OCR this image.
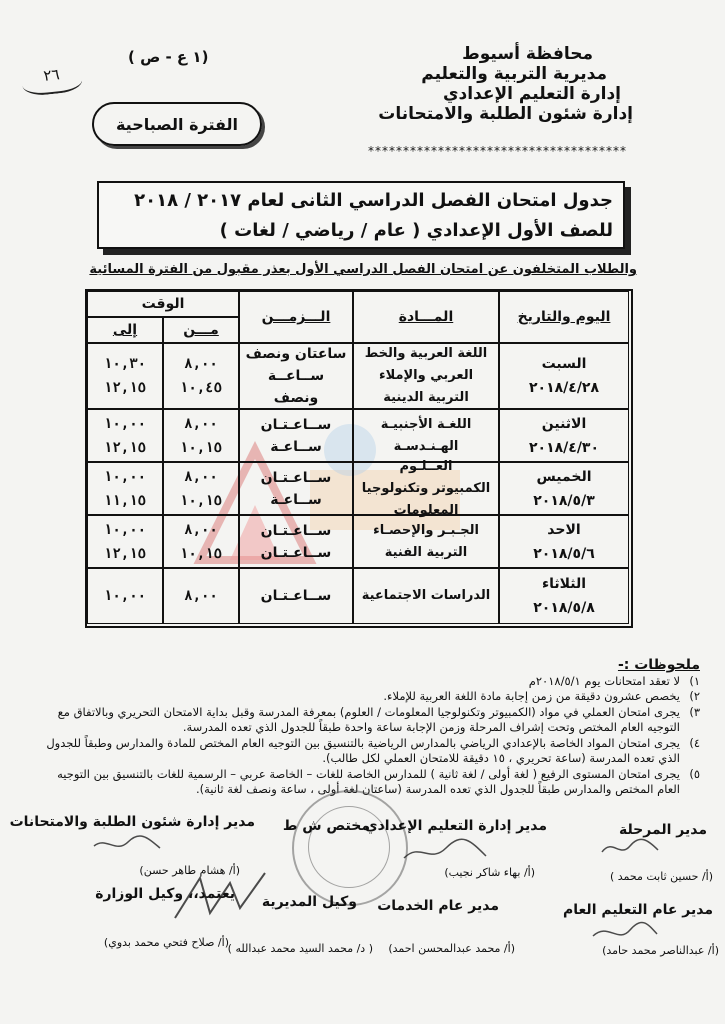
محافظة أسيوط
مديرية التربية والتعليم
إدارة التعليم الإعدادي
إدارة شئون الطلبة والامتحانات
*************************************
(١ ع - ص )
٢٦
الفترة الصباحية
جدول امتحان الفصل الدراسي الثانى لعام ٢٠١٧ / ٢٠١٨
للصف الأول الإعدادي ( عام / رياضي / لغات )
والطلاب المتخلفون عن امتحان الفصل الدراسي الأول بعذر مقبول من الفترة المسائية
اليوم والتاريخ
المـــادة
الـــزمـــن
الوقت
مـــن
إلى
السبت
٢٠١٨/٤/٢٨
اللغة العربية والخط العربي والإملاء
التربية الدينية
ساعتان ونصف
ســاعــة
ونصف
٨,٠٠
١٠,٤٥
١٠,٣٠
١٢,١٥
الاثنين
٢٠١٨/٤/٣٠
اللغـة الأجنبيـة
الهـنـدسـة
ســاعـتـان
ســاعـة
٨,٠٠
١٠,١٥
١٠,٠٠
١٢,١٥
الخميس
٢٠١٨/٥/٣
العــلـوم
الكمبيوتر وتكنولوجيا المعلومات
ســاعـتـان
ســاعـة
٨,٠٠
١٠,١٥
١٠,٠٠
١١,١٥
الاحد
٢٠١٨/٥/٦
الجـبـر والإحصـاء
التربية الفنية
ســاعـتـان
ســاعـتـان
٨,٠٠
١٠,١٥
١٠,٠٠
١٢,١٥
الثلاثاء
٢٠١٨/٥/٨
الدراسات الاجتماعية
ســاعـتـان
٨,٠٠
١٠,٠٠
ملحوظات :-
١)
لا تعقد امتحانات يوم ٢٠١٨/٥/١م
٢)
يخصص عشرون دقيقة من زمن إجابة مادة اللغة العربية للإملاء.
٣)
يجرى امتحان العملي في مواد (الكمبيوتر وتكنولوجيا المعلومات / العلوم) بمعرفة المدرسة وقبل بداية الامتحان التحريري وبالاتفاق مع التوجيه العام المختص وتحت إشراف المرحلة وزمن الإجابة ساعة واحدة طبقاً للجدول الذي تعده المدرسة.
٤)
يجرى امتحان المواد الخاصة بالإعدادي الرياضي بالمدارس الرياضية بالتنسيق بين التوجيه العام المختص للمادة والمدارس وطبقاً للجدول الذي تعده المدرسة (ساعة تحريري ، ١٥ دقيقة للامتحان العملي لكل طالب).
٥)
يجرى امتحان المستوى الرفيع ( لغة أولى / لغة ثانية ) للمدارس الخاصة للغات – الخاصة عربي – الرسمية للغات بالتنسيق بين التوجيه العام المختص والمدارس طبقاً للجدول الذي تعده المدرسة (ساعتان لغة أولى ، ساعة ونصف لغة ثانية).
مدير المرحلة
مدير إدارة التعليم الإعدادي
مختص ش ط
مدير إدارة شئون الطلبة والامتحانات
(أ/ حسين ثابت محمد )
(أ/ بهاء شاكر نجيب)
(أ/ هشام طاهر حسن)
مدير عام التعليم العام
مدير عام الخدمات
وكيل المديرية
يعتمد،، وكيل الوزارة
(أ/ عبدالناصر محمد حامد)
(أ/ محمد عبدالمحسن احمد)
( د/ محمد السيد محمد عبدالله )
(أ/ صلاح فتحي محمد بدوي)
